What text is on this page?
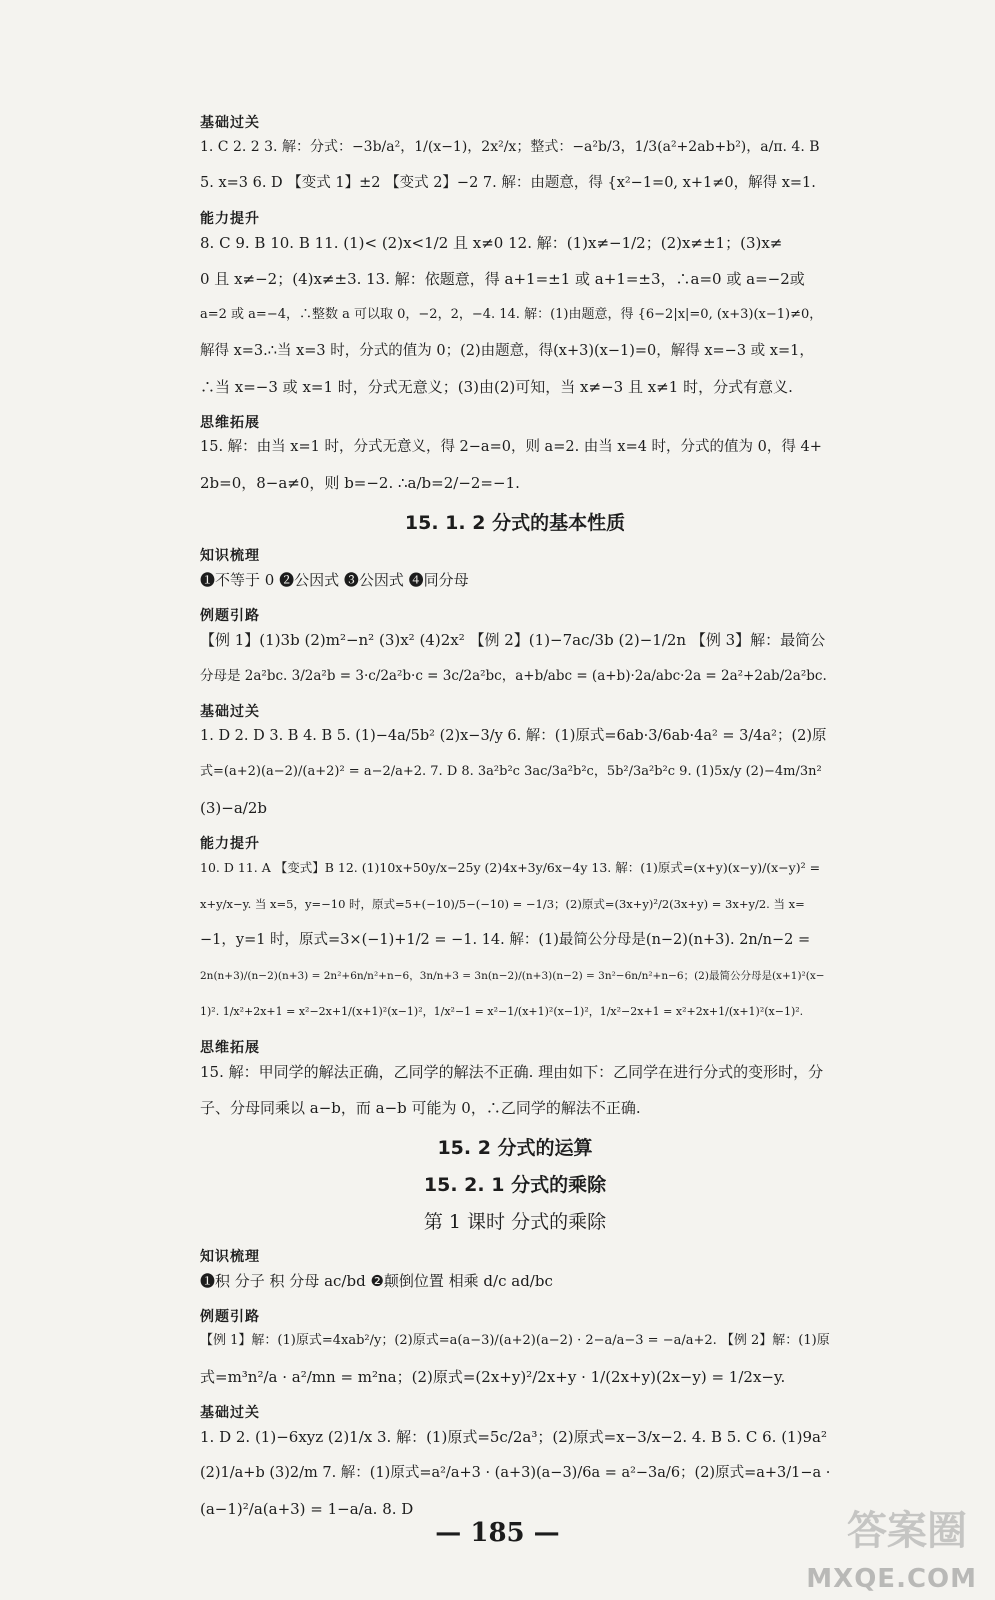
基础过关
1. C 2. 2 3. 解：分式：−3b/a²，1/(x−1)，2x²/x；整式：−a²b/3，1/3(a²+2ab+b²)，a/π. 4. B
5. x=3 6. D 【变式 1】±2 【变式 2】−2 7. 解：由题意，得 {x²−1=0, x+1≠0，解得 x=1.
能力提升
8. C 9. B 10. B 11. (1)< (2)x<1/2 且 x≠0 12. 解：(1)x≠−1/2；(2)x≠±1；(3)x≠
0 且 x≠−2；(4)x≠±3. 13. 解：依题意，得 a+1=±1 或 a+1=±3，∴a=0 或 a=−2或
a=2 或 a=−4，∴整数 a 可以取 0，−2，2，−4. 14. 解：(1)由题意，得 {6−2|x|=0, (x+3)(x−1)≠0，
解得 x=3.∴当 x=3 时，分式的值为 0；(2)由题意，得(x+3)(x−1)=0，解得 x=−3 或 x=1，
∴当 x=−3 或 x=1 时，分式无意义；(3)由(2)可知，当 x≠−3 且 x≠1 时，分式有意义.
思维拓展
15. 解：由当 x=1 时，分式无意义，得 2−a=0，则 a=2. 由当 x=4 时，分式的值为 0，得 4+
2b=0，8−a≠0，则 b=−2. ∴a/b=2/−2=−1.
15. 1. 2 分式的基本性质
知识梳理
❶不等于 0 ❷公因式 ❸公因式 ❹同分母
例题引路
【例 1】(1)3b (2)m²−n² (3)x² (4)2x² 【例 2】(1)−7ac/3b (2)−1/2n 【例 3】解：最简公
分母是 2a²bc. 3/2a²b = 3·c/2a²b·c = 3c/2a²bc，a+b/abc = (a+b)·2a/abc·2a = 2a²+2ab/2a²bc.
基础过关
1. D 2. D 3. B 4. B 5. (1)−4a/5b² (2)x−3/y 6. 解：(1)原式=6ab·3/6ab·4a² = 3/4a²；(2)原
式=(a+2)(a−2)/(a+2)² = a−2/a+2. 7. D 8. 3a²b²c 3ac/3a²b²c，5b²/3a²b²c 9. (1)5x/y (2)−4m/3n²
(3)−a/2b
能力提升
10. D 11. A 【变式】B 12. (1)10x+50y/x−25y (2)4x+3y/6x−4y 13. 解：(1)原式=(x+y)(x−y)/(x−y)² =
x+y/x−y. 当 x=5，y=−10 时，原式=5+(−10)/5−(−10) = −1/3；(2)原式=(3x+y)²/2(3x+y) = 3x+y/2. 当 x=
−1，y=1 时，原式=3×(−1)+1/2 = −1. 14. 解：(1)最简公分母是(n−2)(n+3). 2n/n−2 =
2n(n+3)/(n−2)(n+3) = 2n²+6n/n²+n−6，3n/n+3 = 3n(n−2)/(n+3)(n−2) = 3n²−6n/n²+n−6；(2)最简公分母是(x+1)²(x−
1)². 1/x²+2x+1 = x²−2x+1/(x+1)²(x−1)²，1/x²−1 = x²−1/(x+1)²(x−1)²，1/x²−2x+1 = x²+2x+1/(x+1)²(x−1)².
思维拓展
15. 解：甲同学的解法正确，乙同学的解法不正确. 理由如下：乙同学在进行分式的变形时，分
子、分母同乘以 a−b，而 a−b 可能为 0，∴乙同学的解法不正确.
15. 2 分式的运算
15. 2. 1 分式的乘除
第 1 课时 分式的乘除
知识梳理
❶积 分子 积 分母 ac/bd ❷颠倒位置 相乘 d/c ad/bc
例题引路
【例 1】解：(1)原式=4xab²/y；(2)原式=a(a−3)/(a+2)(a−2) · 2−a/a−3 = −a/a+2. 【例 2】解：(1)原
式=m³n²/a · a²/mn = m²na；(2)原式=(2x+y)²/2x+y · 1/(2x+y)(2x−y) = 1/2x−y.
基础过关
1. D 2. (1)−6xyz (2)1/x 3. 解：(1)原式=5c/2a³；(2)原式=x−3/x−2. 4. B 5. C 6. (1)9a²
(2)1/a+b (3)2/m 7. 解：(1)原式=a²/a+3 · (a+3)(a−3)/6a = a²−3a/6；(2)原式=a+3/1−a ·
(a−1)²/a(a+3) = 1−a/a. 8. D
— 185 —	答案圈
MXQE.COM
